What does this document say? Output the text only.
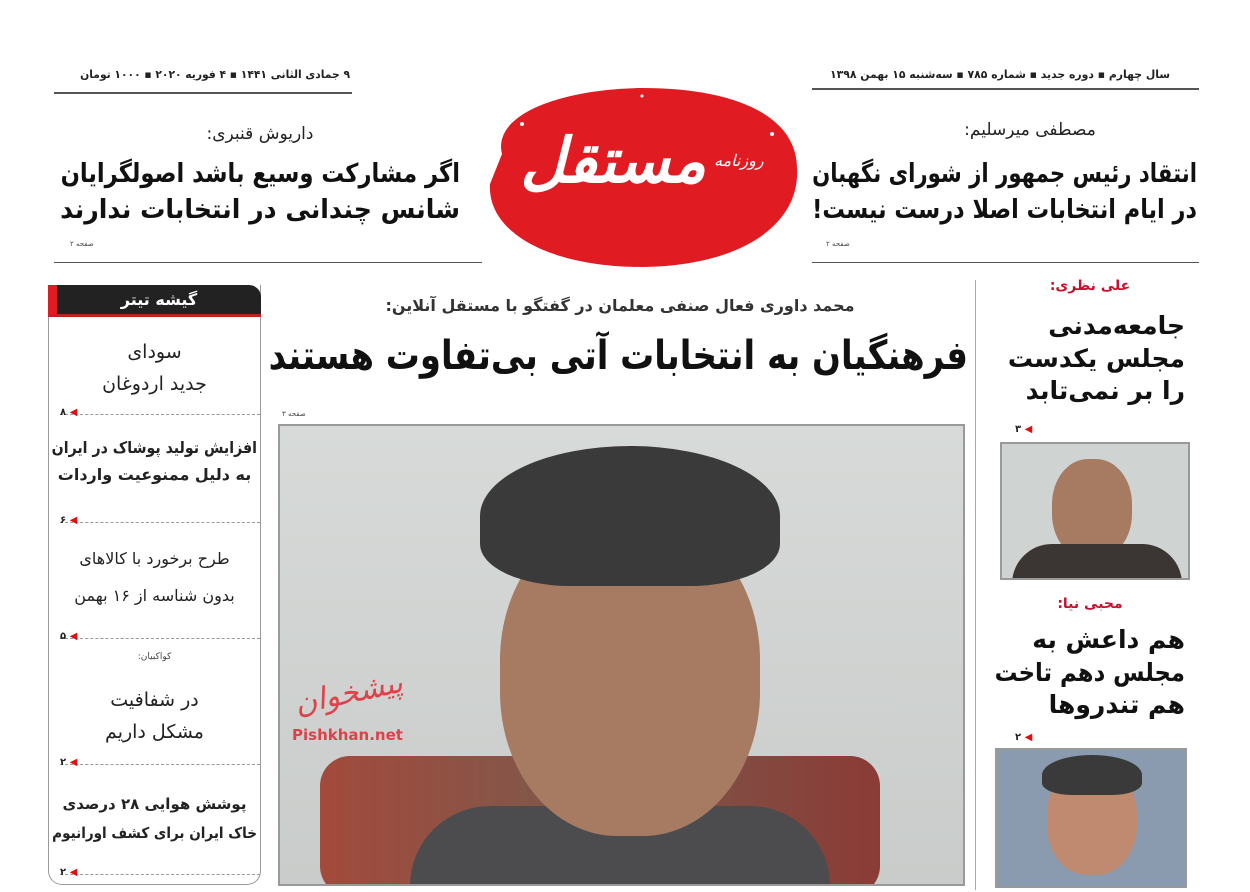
سال چهارم ▪ دوره جدید ▪ شماره ۷۸۵ ▪ سه‌شنبه ۱۵ بهمن ۱۳۹۸
۹ جمادی الثانی ۱۴۴۱ ▪ ۴ فوریه ۲۰۲۰ ▪ ۱۰۰۰ تومان
روزنامه
مستقل
داریوش قنبری:
اگر مشارکت وسیع باشد اصولگرایان
شانس چندانی در انتخابات ندارند
صفحه ۲
مصطفی میرسلیم:
انتقاد رئیس جمهور از شورای نگهبان
در ایام انتخابات اصلا درست نیست!
صفحه ۲
گیشه تیتر
سودای
جدید اردوغان
۸ ◀
افزایش تولید پوشاک در ایران
به دلیل ممنوعیت واردات
۶ ◀
طرح برخورد با کالاهای
بدون شناسه از ۱۶ بهمن
۵ ◀
کواکبیان:
در شفافیت
مشکل داریم
۲ ◀
پوشش هوایی ۲۸ درصدی
خاک ایران برای کشف اورانیوم
۲ ◀
محمد داوری فعال صنفی معلمان در گفتگو با مستقل آنلاین:
فرهنگیان به انتخابات آتی بی‌تفاوت هستند
صفحه ۳
پیشخوان
Pishkhan.net
علی نظری:
جامعه‌مدنی
مجلس یکدست
را بر نمی‌تابد
۳ ◀
محبی نیا:
هم داعش به
مجلس دهم تاخت
هم تندروها
۲ ◀
